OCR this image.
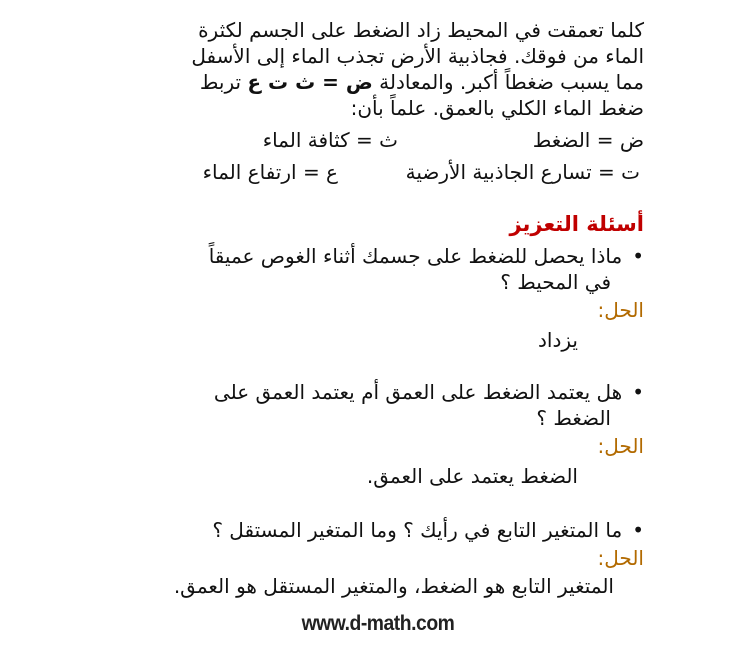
كلما تعمقت في المحيط زاد الضغط على الجسم لكثرة
الماء من فوقك. فجاذبية الأرض تجذب الماء إلى الأسفل
مما يسبب ضغطاً أكبر. والمعادلة ض = ث ت ع تربط
ضغط الماء الكلي بالعمق. علماً بأن:
ض = الضغط
ث = كثافة الماء
ت = تسارع الجاذبية الأرضية
ع = ارتفاع الماء
أسئلة التعزيز
•ماذا يحصل للضغط على جسمك أثناء الغوص عميقاً
في المحيط ؟
الحل:
يزداد
•هل يعتمد الضغط على العمق أم يعتمد العمق على
الضغط ؟
الحل:
الضغط يعتمد على العمق.
•ما المتغير التابع في رأيك ؟ وما المتغير المستقل ؟
الحل:
المتغير التابع هو الضغط، والمتغير المستقل هو العمق.
www.d-math.com
